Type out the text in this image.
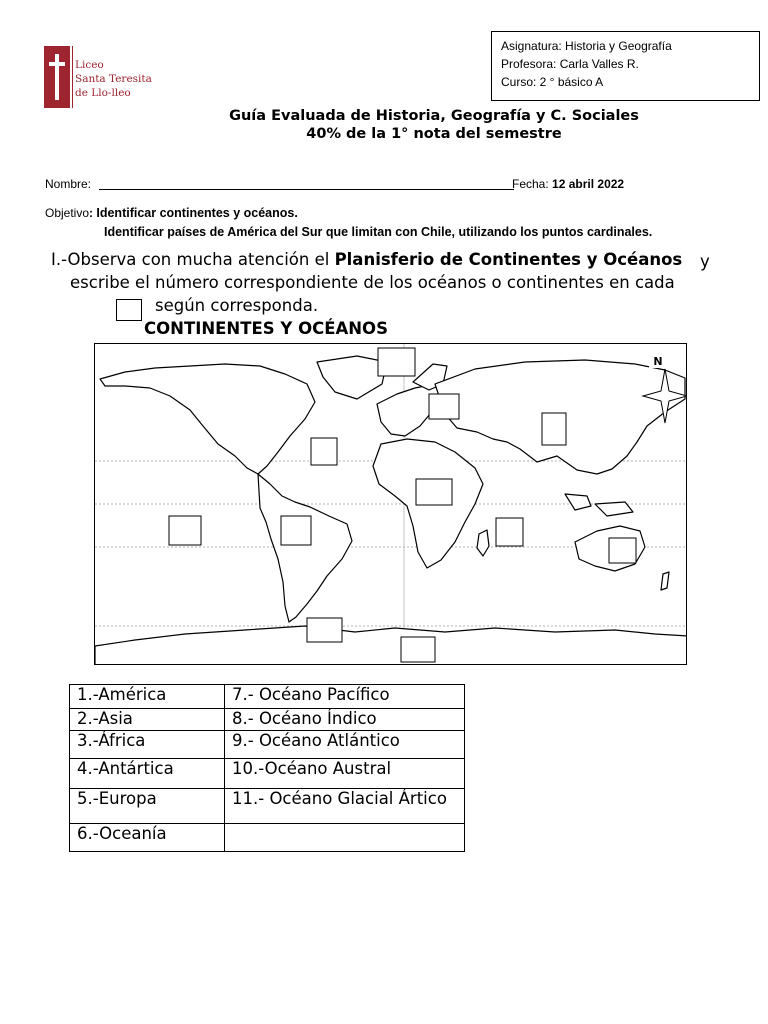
Liceo
Santa Teresita
de Llo-lleo
Asignatura: Historia y Geografía
Profesora: Carla Valles R.
Curso: 2 ° básico A
Guía Evaluada de Historia, Geografía y C. Sociales
40% de la 1° nota del semestre
Nombre:	Fecha: 12 abril 2022
Objetivo: Identificar continentes y océanos.
Identificar países de América del Sur que limitan con Chile, utilizando los puntos cardinales.
I.-Observa con mucha atención el Planisferio de Continentes y Océanos y
escribe el número correspondiente de los océanos o continentes en cada
según corresponda.
CONTINENTES Y OCÉANOS
N
1.-América	7.- Océano Pacífico
2.-Asia	8.- Océano Índico
3.-África	9.- Océano Atlántico
4.-Antártica	10.-Océano Austral
5.-Europa	11.- Océano Glacial Ártico
6.-Oceanía	
